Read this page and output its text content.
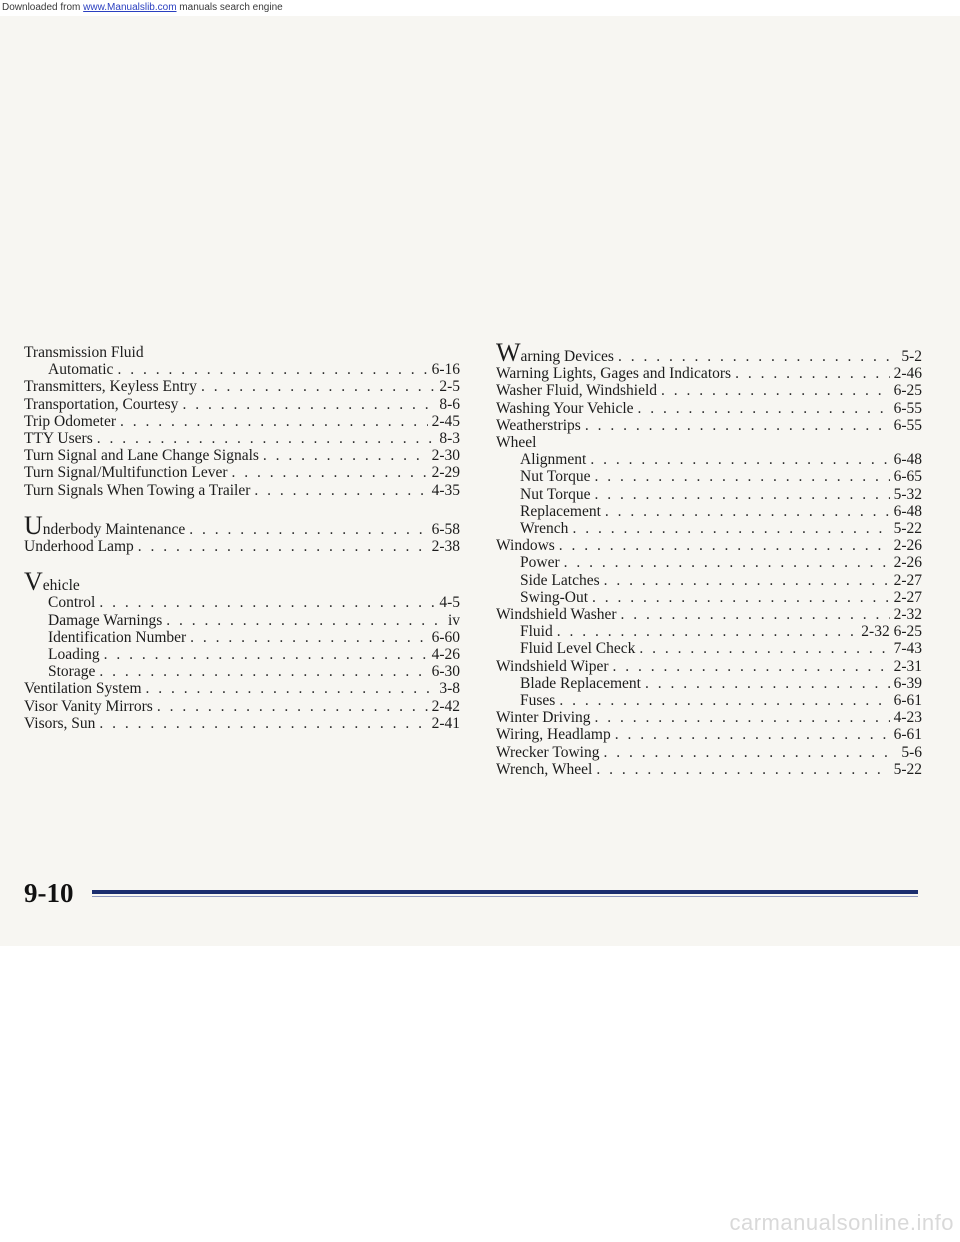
Downloaded from www.Manualslib.com manuals search engine
Transmission Fluid
Automatic . . .	6-16
Transmitters, Keyless Entry . . .	2-5
Transportation, Courtesy . . .	8-6
Trip Odometer . . .	2-45
TTY Users . . .	8-3
Turn Signal and Lane Change Signals . . .	2-30
Turn Signal/Multifunction Lever . . .	2-29
Turn Signals When Towing a Trailer . . .	4-35
Underbody Maintenance . . .	6-58
Underhood Lamp . . .	2-38
Vehicle
Control . . .	4-5
Damage Warnings . . .	iv
Identification Number . . .	6-60
Loading . . .	4-26
Storage . . .	6-30
Ventilation System . . .	3-8
Visor Vanity Mirrors . . .	2-42
Visors, Sun . . .	2-41
Warning Devices . . .	5-2
Warning Lights, Gages and Indicators . . .	2-46
Washer Fluid, Windshield . . .	6-25
Washing Your Vehicle . . .	6-55
Weatherstrips . . .	6-55
Wheel
Alignment . . .	6-48
Nut Torque . . .	6-65
Nut Torque . . .	5-32
Replacement . . .	6-48
Wrench . . .	5-22
Windows . . .	2-26
Power . . .	2-26
Side Latches . . .	2-27
Swing-Out . . .	2-27
Windshield Washer . . .	2-32
Fluid . . .	2-32 6-25
Fluid Level Check . . .	7-43
Windshield Wiper . . .	2-31
Blade Replacement . . .	6-39
Fuses . . .	6-61
Winter Driving . . .	4-23
Wiring, Headlamp . . .	6-61
Wrecker Towing . . .	5-6
Wrench, Wheel . . .	5-22
9-10
carmanualsonline.info
